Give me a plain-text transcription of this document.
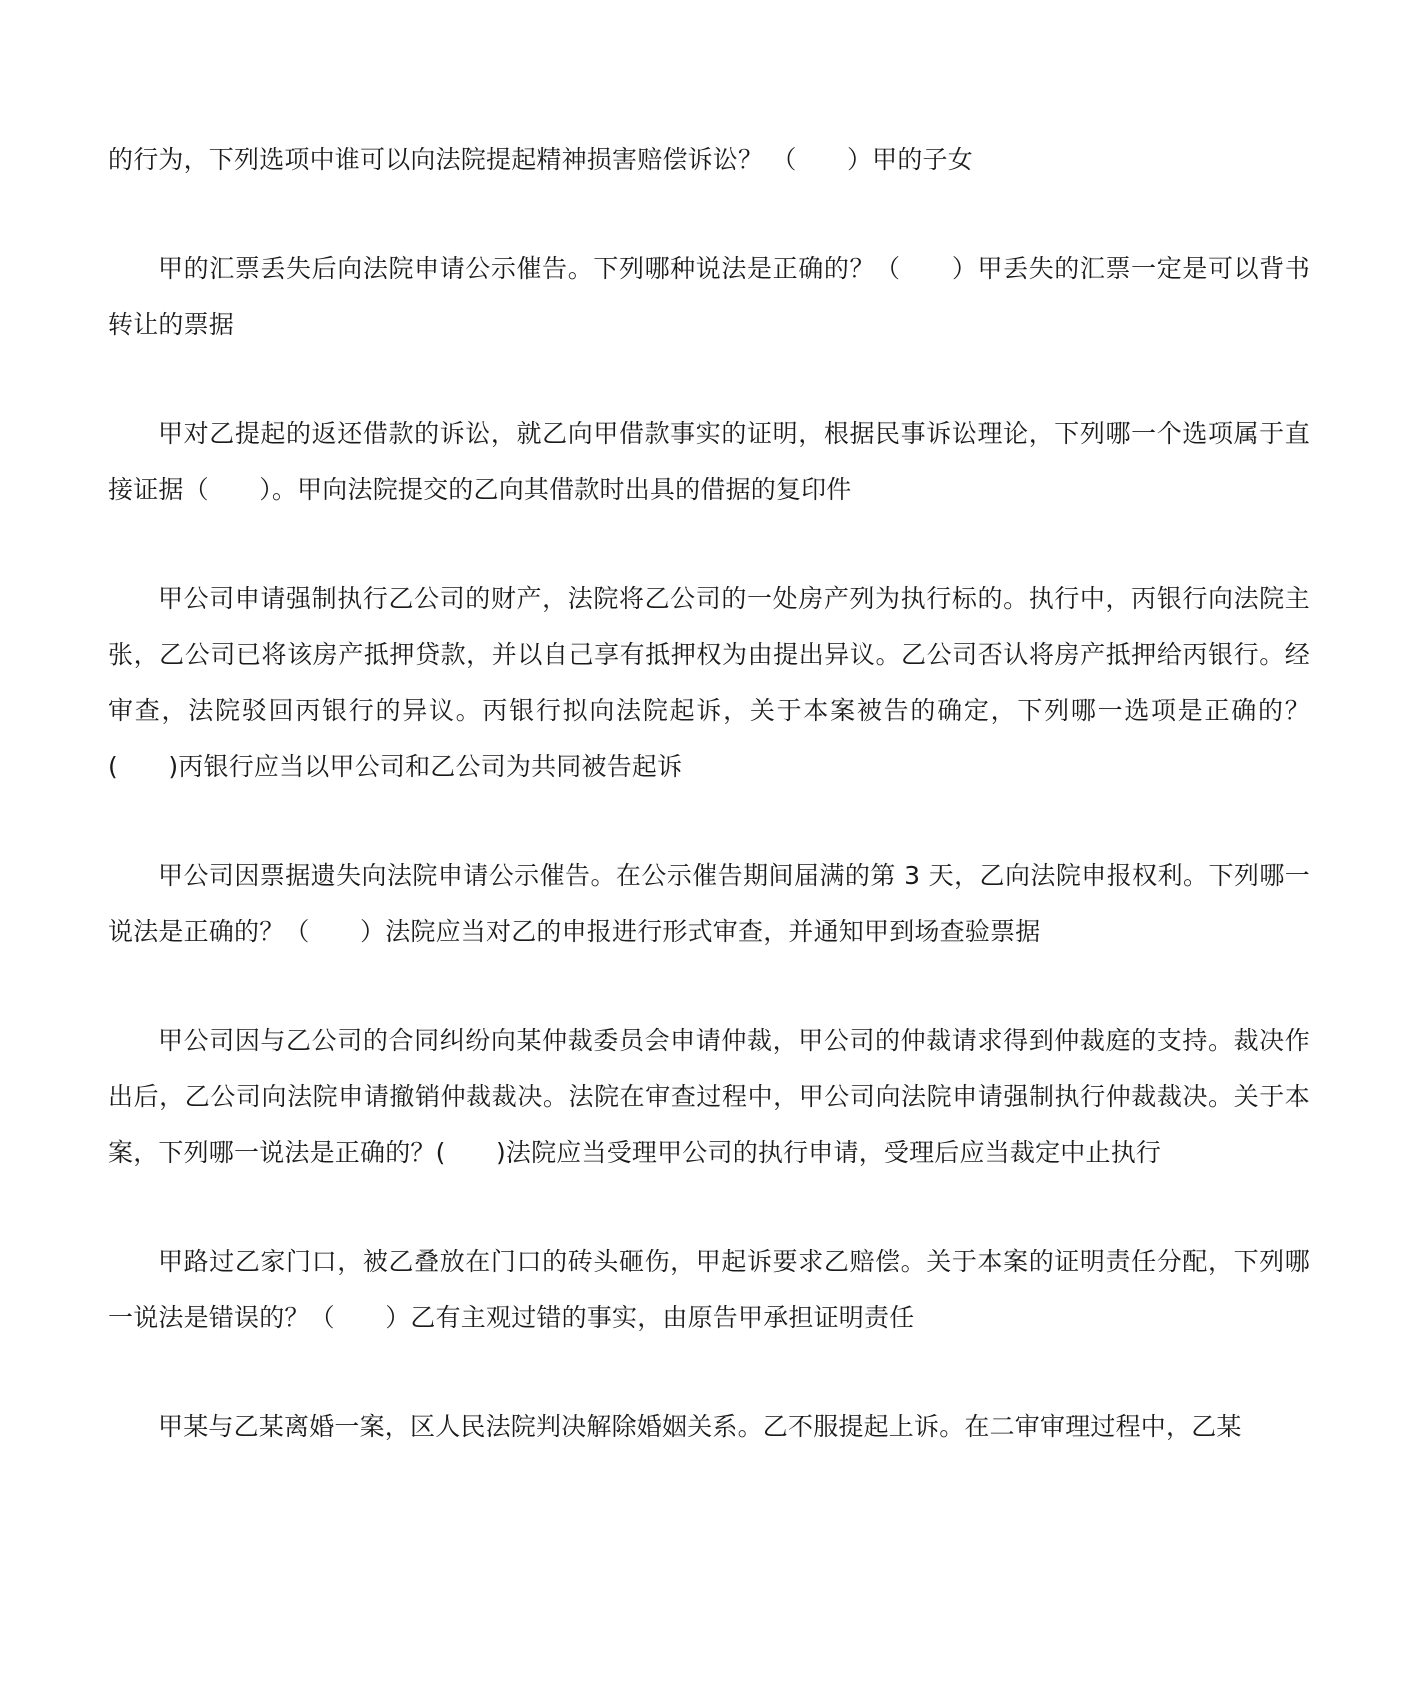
的行为，下列选项中谁可以向法院提起精神损害赔偿诉讼？ （　　）甲的子女

甲的汇票丢失后向法院申请公示催告。下列哪种说法是正确的？（　　）甲丢失的汇票一定是可以背书转让的票据

甲对乙提起的返还借款的诉讼，就乙向甲借款事实的证明，根据民事诉讼理论，下列哪一个选项属于直接证据（　　）。甲向法院提交的乙向其借款时出具的借据的复印件

甲公司申请强制执行乙公司的财产，法院将乙公司的一处房产列为执行标的。执行中，丙银行向法院主张，乙公司已将该房产抵押贷款，并以自己享有抵押权为由提出异议。乙公司否认将房产抵押给丙银行。经审查，法院驳回丙银行的异议。丙银行拟向法院起诉，关于本案被告的确定，下列哪一选项是正确的？(　　)丙银行应当以甲公司和乙公司为共同被告起诉

甲公司因票据遗失向法院申请公示催告。在公示催告期间届满的第 3 天，乙向法院申报权利。下列哪一说法是正确的？（　　）法院应当对乙的申报进行形式审查，并通知甲到场查验票据

甲公司因与乙公司的合同纠纷向某仲裁委员会申请仲裁，甲公司的仲裁请求得到仲裁庭的支持。裁决作出后，乙公司向法院申请撤销仲裁裁决。法院在审查过程中，甲公司向法院申请强制执行仲裁裁决。关于本案，下列哪一说法是正确的？(　　)法院应当受理甲公司的执行申请，受理后应当裁定中止执行

甲路过乙家门口，被乙叠放在门口的砖头砸伤，甲起诉要求乙赔偿。关于本案的证明责任分配，下列哪一说法是错误的？（　　）乙有主观过错的事实，由原告甲承担证明责任

甲某与乙某离婚一案，区人民法院判决解除婚姻关系。乙不服提起上诉。在二审审理过程中，乙某
